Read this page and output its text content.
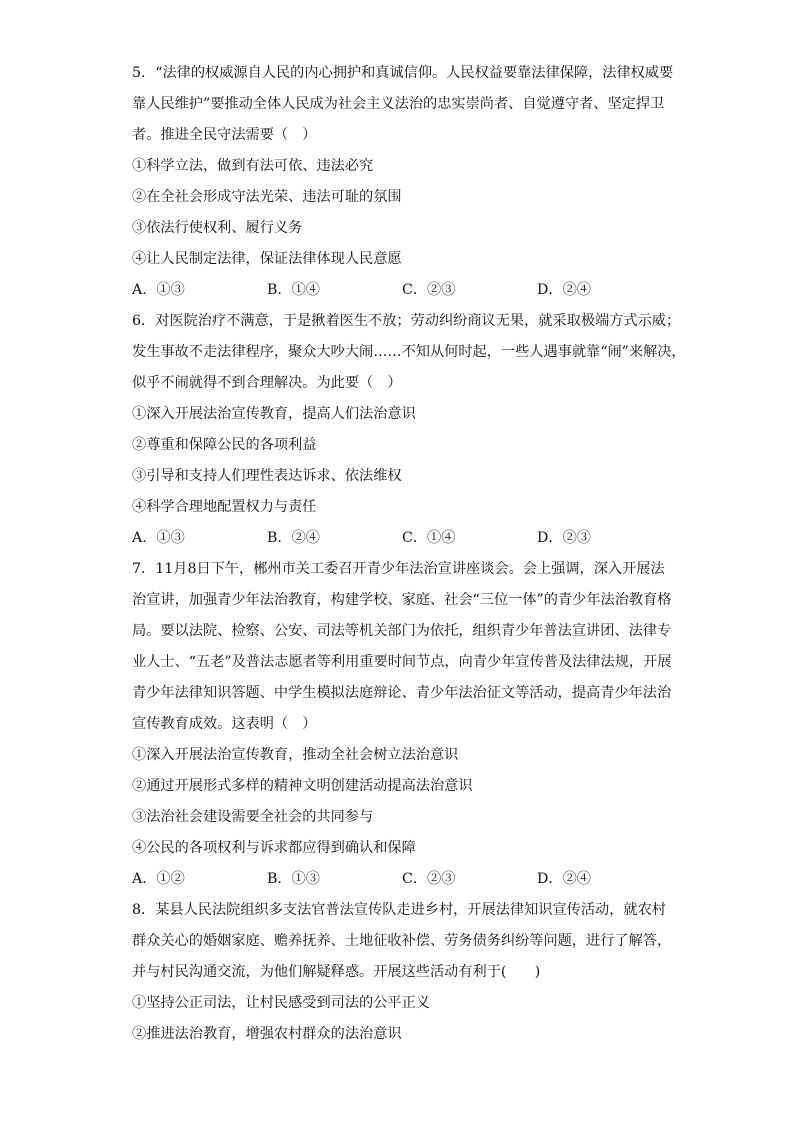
5．“法律的权威源自人民的内心拥护和真诚信仰。人民权益要靠法律保障，法律权威要
靠人民维护”要推动全体人民成为社会主义法治的忠实崇尚者、自觉遵守者、坚定捍卫
者。推进全民守法需要（　）
①科学立法，做到有法可依、违法必究
②在全社会形成守法光荣、违法可耻的氛围
③依法行使权利、履行义务
④让人民制定法律，保证法律体现人民意愿
A．①③	B．①④	C．②③	D．②④
6．对医院治疗不满意，于是揪着医生不放；劳动纠纷商议无果，就采取极端方式示威；
发生事故不走法律程序，聚众大吵大闹……不知从何时起，一些人遇事就靠“闹”来解决，
似乎不闹就得不到合理解决。为此要（　）
①深入开展法治宣传教育，提高人们法治意识
②尊重和保障公民的各项利益
③引导和支持人们理性表达诉求、依法维权
④科学合理地配置权力与责任
A．①③	B．②④	C．①④	D．②③
7．11月8日下午，郴州市关工委召开青少年法治宣讲座谈会。会上强调，深入开展法
治宣讲，加强青少年法治教育，构建学校、家庭、社会“三位一体”的青少年法治教育格
局。要以法院、检察、公安、司法等机关部门为依托，组织青少年普法宣讲团、法律专
业人士、“五老”及普法志愿者等利用重要时间节点，向青少年宣传普及法律法规，开展
青少年法律知识答题、中学生模拟法庭辩论、青少年法治征文等活动，提高青少年法治
宣传教育成效。这表明（　）
①深入开展法治宣传教育，推动全社会树立法治意识
②通过开展形式多样的精神文明创建活动提高法治意识
③法治社会建设需要全社会的共同参与
④公民的各项权利与诉求都应得到确认和保障
A．①②	B．①③	C．②③	D．②④
8．某县人民法院组织多支法官普法宣传队走进乡村，开展法律知识宣传活动，就农村
群众关心的婚姻家庭、赡养抚养、土地征收补偿、劳务债务纠纷等问题，进行了解答，
并与村民沟通交流，为他们解疑释惑。开展这些活动有利于(　　)
①坚持公正司法，让村民感受到司法的公平正义
②推进法治教育，增强农村群众的法治意识
